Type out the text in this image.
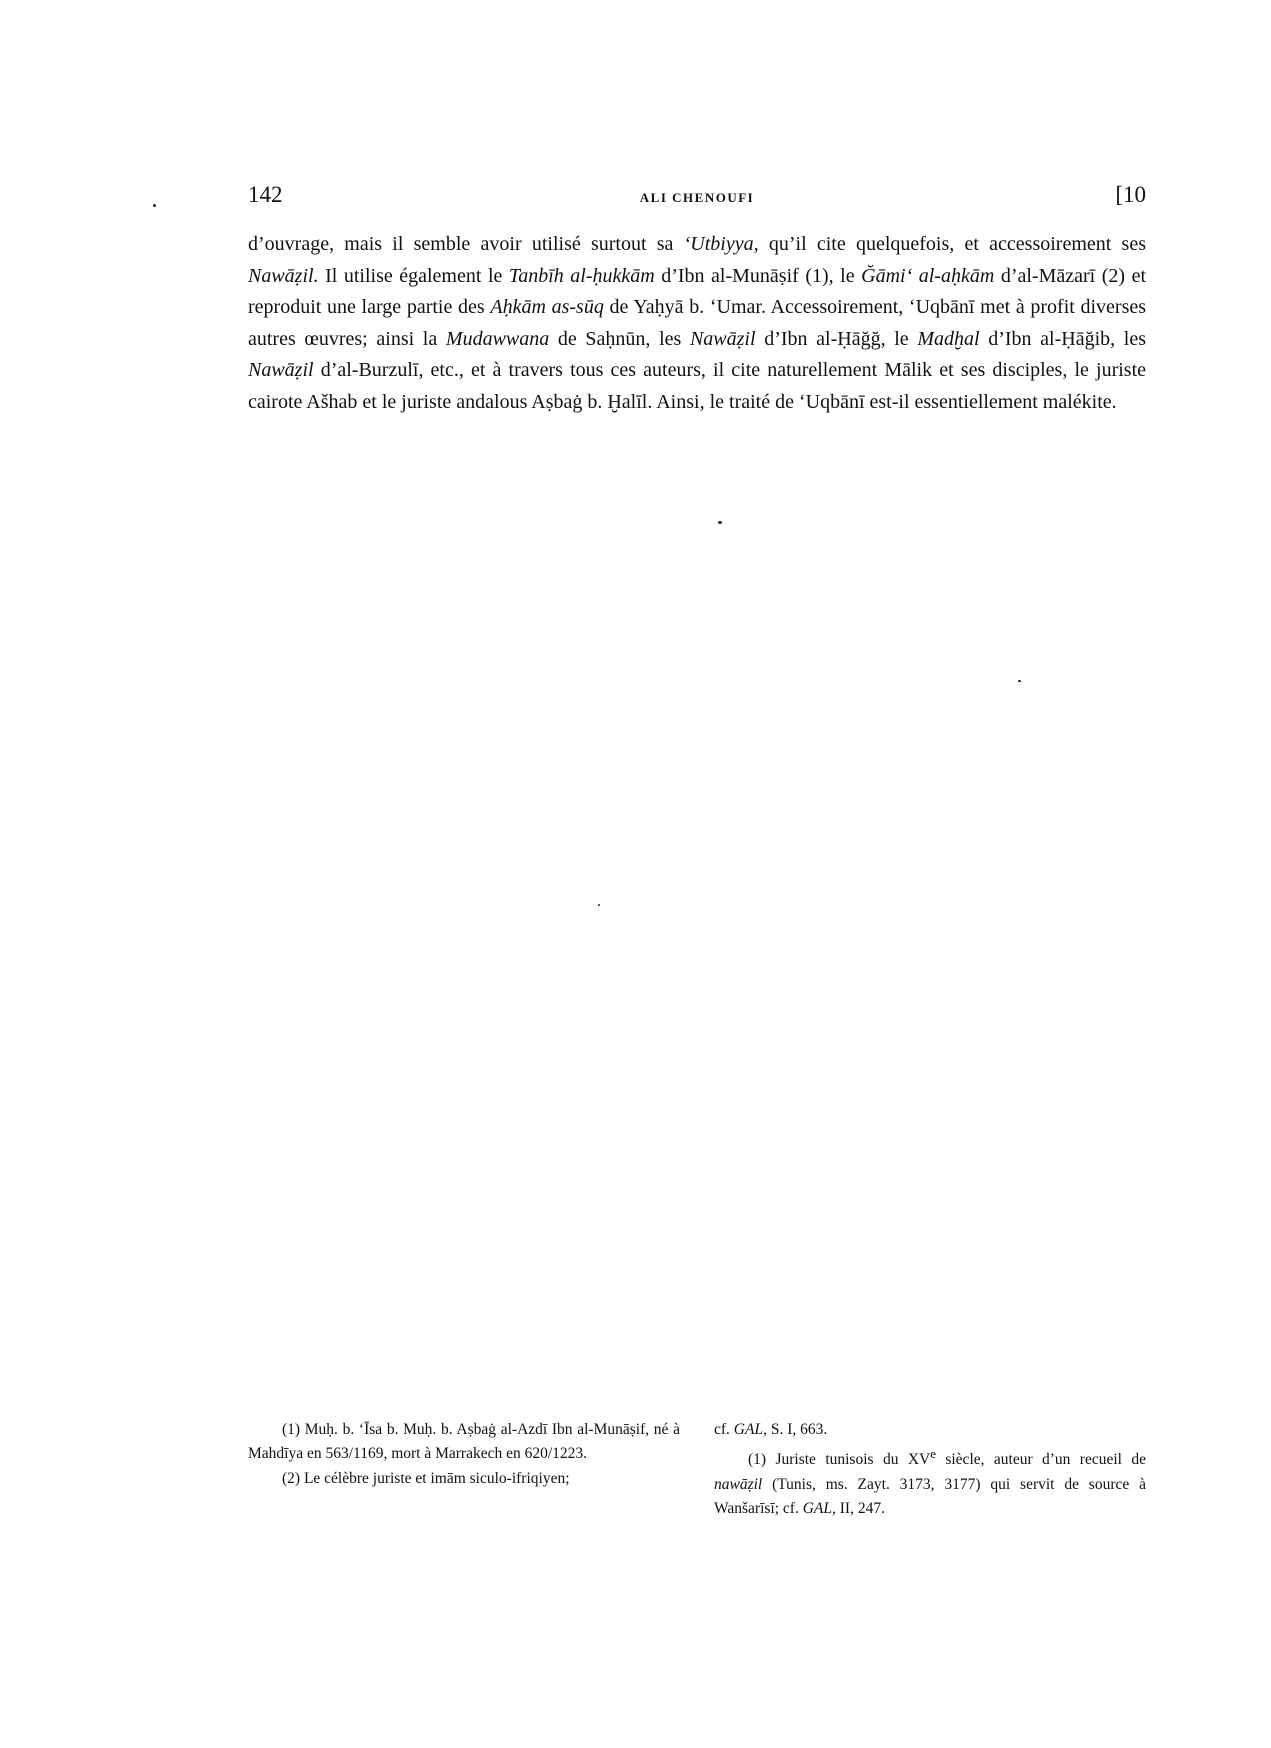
142	ALI CHENOUFI	[10

d’ouvrage, mais il semble avoir utilisé surtout sa ‘Utbiyya, qu’il cite quelquefois, et accessoirement ses Nawāẓil. Il utilise également le Tanbīh al-ḥukkām d’Ibn al-Munāṣif (1), le Ğāmi‘ al-aḥkām d’al-Māzarī (2) et reproduit une large partie des Aḥkām as-sūq de Yaḥyā b. ‘Umar. Accessoirement, ‘Uqbānī met à profit diverses autres œuvres; ainsi la Mudawwana de Saḥnūn, les Nawāẓil d’Ibn al-Ḥāğğ, le Madḫal d’Ibn al-Ḥāğib, les Nawāẓil d’al-Burzulī, etc., et à travers tous ces auteurs, il cite naturellement Mālik et ses disciples, le juriste cairote Ašhab et le juriste andalous Aṣbaġ b. Ḫalīl. Ainsi, le traité de ‘Uqbānī est-il essentiellement malékite.

(1) Muḥ. b. ‘Īsa b. Muḥ. b. Aṣbaġ al-Azdī Ibn al-Munāṣif, né à Mahdīya en 563/1169, mort à Marrakech en 620/1223.

(2) Le célèbre juriste et imām siculo-ifriqiyen;

cf. GAL, S. I, 663.

(1) Juriste tunisois du XVe siècle, auteur d’un recueil de nawāẓil (Tunis, ms. Zayt. 3173, 3177) qui servit de source à Wanšarīsī; cf. GAL, II, 247.
